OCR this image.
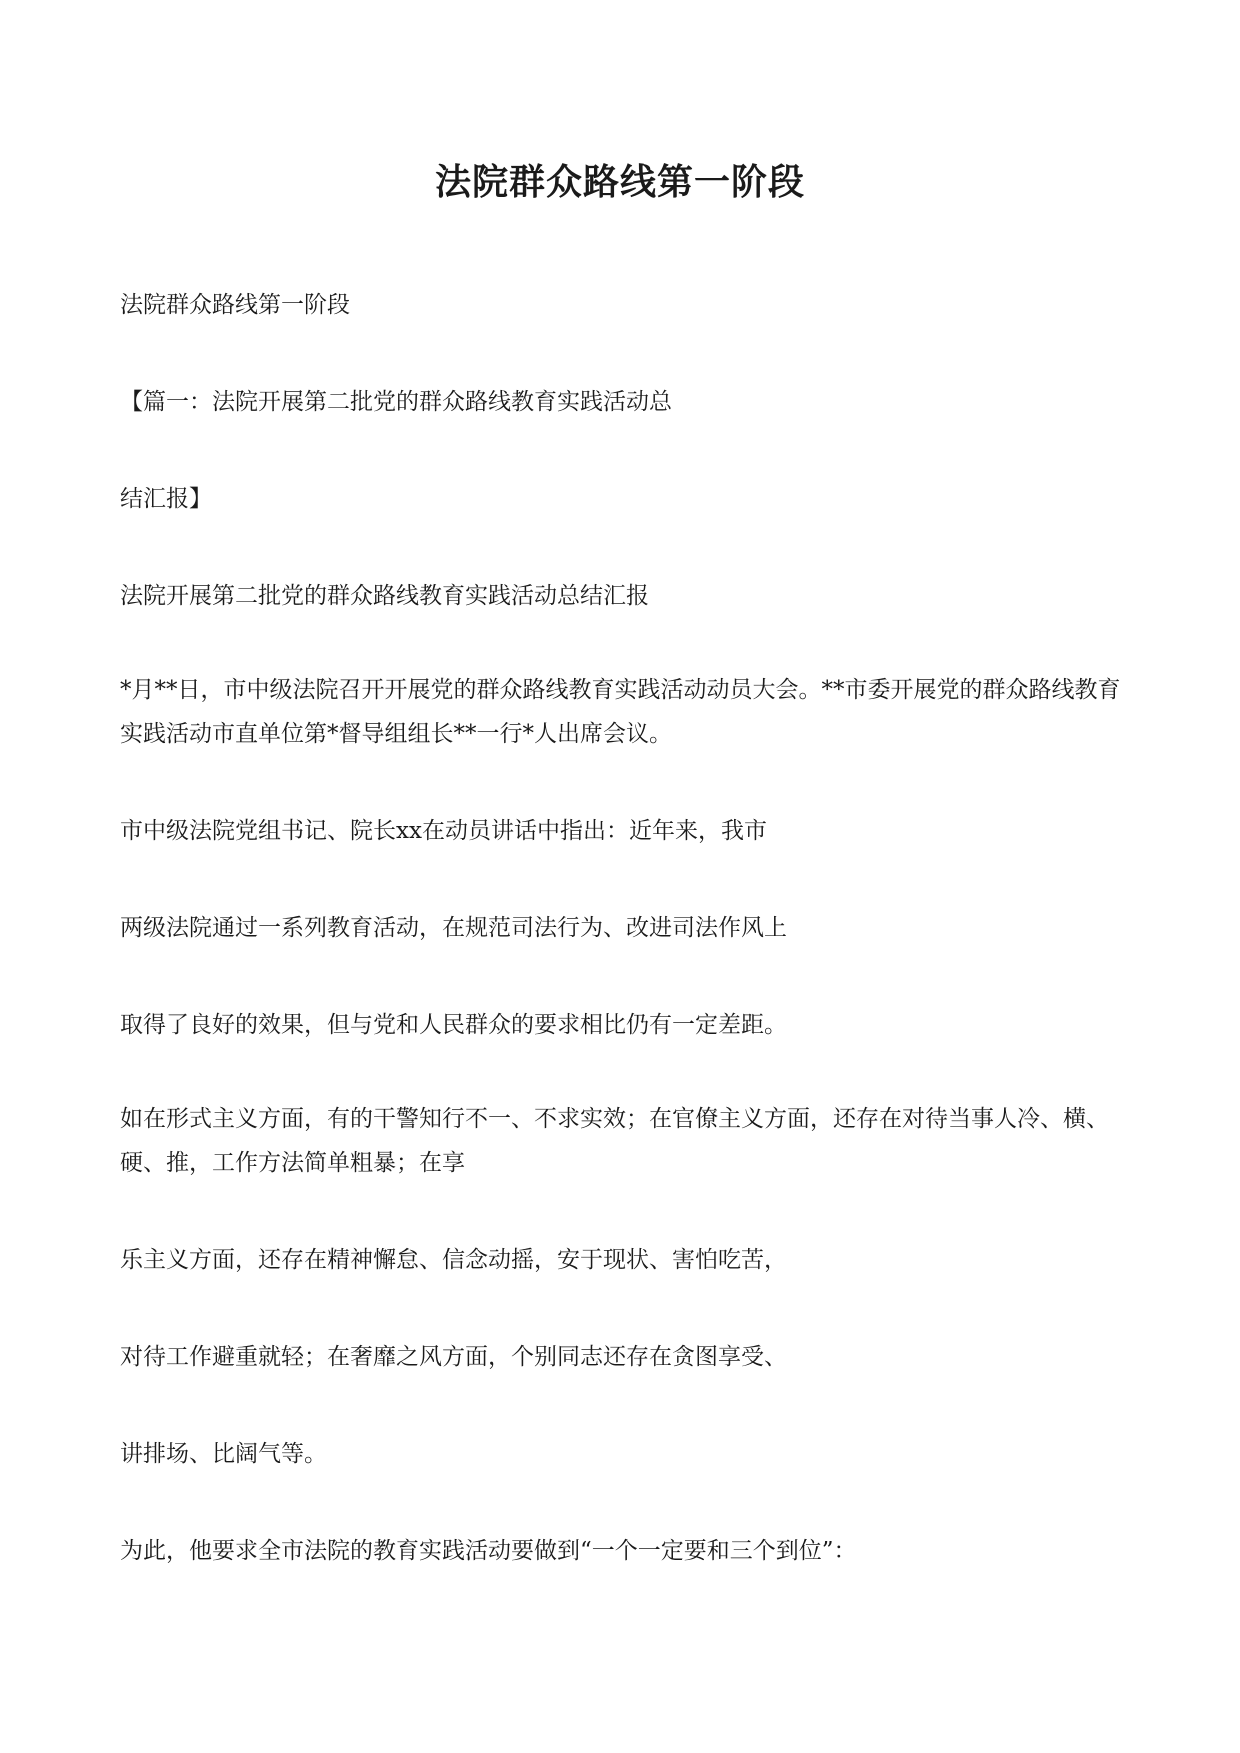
法院群众路线第一阶段
法院群众路线第一阶段
【篇一：法院开展第二批党的群众路线教育实践活动总
结汇报】
法院开展第二批党的群众路线教育实践活动总结汇报
*月**日，市中级法院召开开展党的群众路线教育实践活动动员大会。**市委开展党的群众路线教育实践活动市直单位第*督导组组长**一行*人出席会议。
市中级法院党组书记、院长xx在动员讲话中指出：近年来，我市
两级法院通过一系列教育活动，在规范司法行为、改进司法作风上
取得了良好的效果，但与党和人民群众的要求相比仍有一定差距。
如在形式主义方面，有的干警知行不一、不求实效；在官僚主义方面，还存在对待当事人冷、横、硬、推，工作方法简单粗暴；在享
乐主义方面，还存在精神懈怠、信念动摇，安于现状、害怕吃苦，
对待工作避重就轻；在奢靡之风方面，个别同志还存在贪图享受、
讲排场、比阔气等。
为此，他要求全市法院的教育实践活动要做到“一个一定要和三个到位”：
